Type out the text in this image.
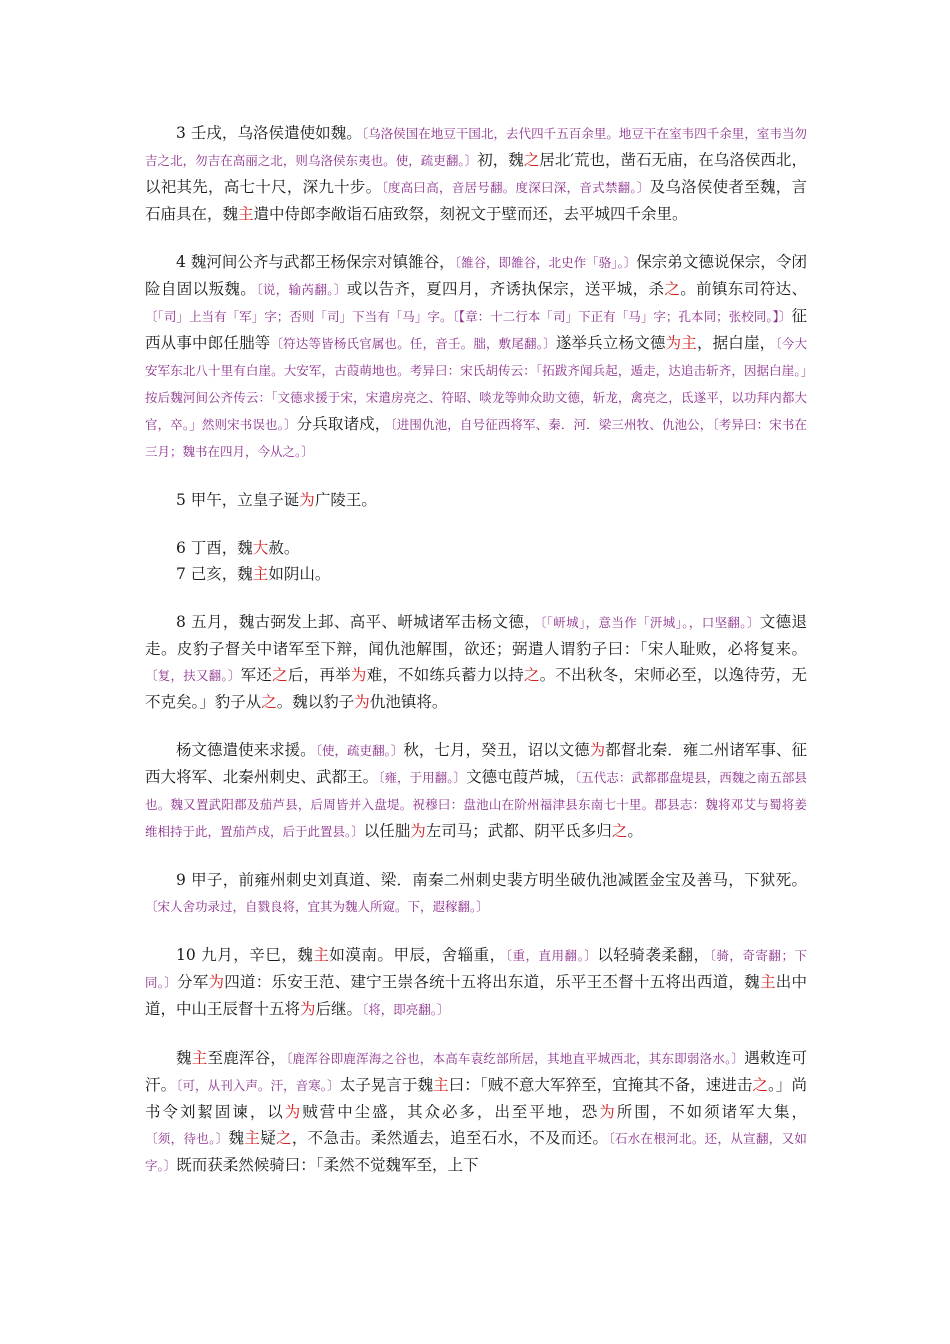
3 壬戌，乌洛侯遣使如魏。〔乌洛侯国在地豆干国北，去代四千五百余里。地豆干在室韦四千余里，室韦当勿吉之北，勿吉在高丽之北，则乌洛侯东夷也。使，疏吏翻。〕初，魏之居北′荒也，凿石无庙，在乌洛侯西北，以祀其先，高七十尺，深九十步。〔度高曰高，音居号翻。度深曰深，音式禁翻。〕及乌洛侯使者至魏，言石庙具在，魏主遣中侍郎李敞诣石庙致祭，刻祝文于壁而还，去平城四千余里。

4 魏河间公齐与武都王杨保宗对镇雒谷，〔雒谷，即雒谷，北史作「骆」。〕保宗弟文德说保宗，令闭险自固以叛魏。〔说，输芮翻。〕或以告齐，夏四月，齐诱执保宗，送平城，杀之。前镇东司符达、〔「司」上当有「军」字；否则「司」下当有「马」字。〔【章：十二行本「司」下正有「马」字；孔本同；张校同。】〕征西从事中郎任朏等〔符达等皆杨氏官属也。任，音壬。朏，敷尾翻。〕遂举兵立杨文德为主，据白崖，〔今大安军东北八十里有白崖。大安军，古葭萌地也。考异曰：宋氏胡传云：「拓跋齐闻兵起，遁走，达追击斩齐，因据白崖。」按后魏河间公齐传云：「文德求援于宋，宋遣房亮之、符昭、啖龙等帅众助文德，斩龙，禽亮之，氐遂平，以功拜内都大官，卒。」然则宋书误也。〕分兵取诸戍，〔进围仇池，自号征西将军、秦．河．梁三州牧、仇池公，〔考异曰：宋书在三月；魏书在四月，今从之。〕

5 甲午，立皇子诞为广陵王。

6 丁酉，魏大赦。

7 己亥，魏主如阴山。

8 五月，魏古弼发上邽、高平、岍城诸军击杨文德，〔「岍城」，意当作「汧城」。，口坚翻。〕文德退走。皮豹子督关中诸军至下辩，闻仇池解围，欲还；弼遣人谓豹子曰：「宋人耻败，必将复来。〔复，扶又翻。〕军还之后，再举为难，不如练兵蓄力以持之。不出秋冬，宋师必至，以逸待劳，无不克矣。」豹子从之。魏以豹子为仇池镇将。

杨文德遣使来求援。〔使，疏吏翻。〕秋，七月，癸丑，诏以文德为都督北秦．雍二州诸军事、征西大将军、北秦州刺史、武都王。〔雍，于用翻。〕文德屯葭芦城，〔五代志：武都郡盘堤县，西魏之南五部县也。魏又置武阳郡及茄芦县，后周皆并入盘堤。祝穆曰：盘池山在阶州福津县东南七十里。郡县志：魏将邓艾与蜀将姜维相持于此，置茄芦戍，后于此置县。〕以任朏为左司马；武都、阴平氐多归之。

9 甲子，前雍州刺史刘真道、梁．南秦二州刺史裴方明坐破仇池减匿金宝及善马，下狱死。〔宋人舍功录过，自戮良将，宜其为魏人所窥。下，遐稼翻。〕

10 九月，辛巳，魏主如漠南。甲辰，舍辎重，〔重，直用翻。〕以轻骑袭柔翻，〔骑，奇寄翻；下同。〕分军为四道：乐安王范、建宁王崇各统十五将出东道，乐平王丕督十五将出西道，魏主出中道，中山王辰督十五将为后继。〔将，即亮翻。〕

魏主至鹿浑谷，〔鹿浑谷即鹿浑海之谷也，本高车袁纥部所居，其地直平城西北，其东即弱洛水。〕遇敕连可汗。〔可，从刊入声。汗，音寒。〕太子晃言于魏主曰：「贼不意大军猝至，宜掩其不备，速进击之。」尚书令刘絜固谏，以为贼营中尘盛，其众必多，出至平地，恐为所围，不如须诸军大集，〔须，待也。〕魏主疑之，不急击。柔然遁去，追至石水，不及而还。〔石水在根河北。还，从宣翻，又如字。〕既而获柔然候骑曰：「柔然不觉魏军至，上下
